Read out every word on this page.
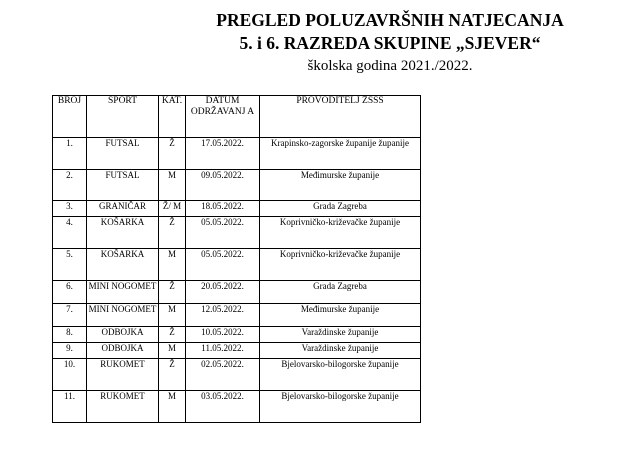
PREGLED POLUZAVRŠNIH NATJECANJA
5. i 6. RAZREDA SKUPINE „SJEVER“
školska godina 2021./2022.
BROJ	SPORT	KAT.	DATUM ODRŽAVANJ A	PROVODITELJ ŽŠŠS
1.	FUTSAL	Ž	17.05.2022.	Krapinsko-zagorske županije županije
2.	FUTSAL	M	09.05.2022.	Međimurske županije
3.	GRANIČAR	Ž/ M	18.05.2022.	Grada Zagreba
4.	KOŠARKA	Ž	05.05.2022.	Koprivničko-križevačke županije
5.	KOŠARKA	M	05.05.2022.	Koprivničko-križevačke županije
6.	MINI NOGOMET	Ž	20.05.2022.	Grada Zagreba
7.	MINI NOGOMET	M	12.05.2022.	Međimurske županije
8.	ODBOJKA	Ž	10.05.2022.	Varaždinske županije
9.	ODBOJKA	M	11.05.2022.	Varaždinske županije
10.	RUKOMET	Ž	02.05.2022.	Bjelovarsko-bilogorske županije
11.	RUKOMET	M	03.05.2022.	Bjelovarsko-bilogorske županije
